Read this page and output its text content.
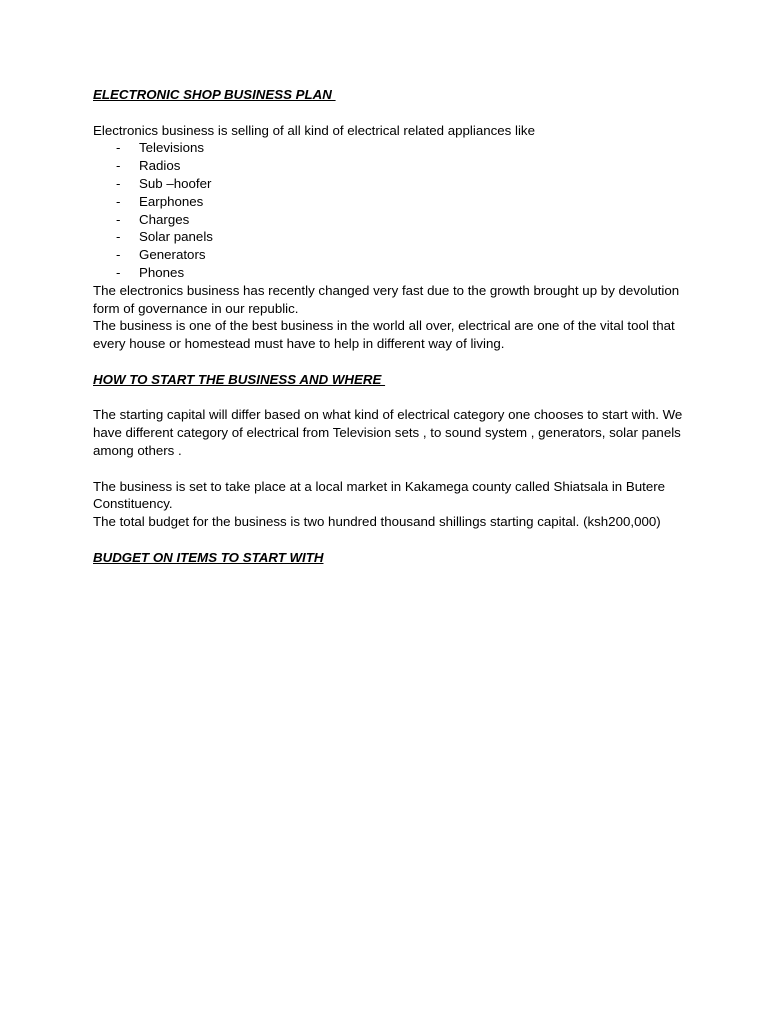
ELECTRONIC SHOP BUSINESS PLAN

Electronics business is selling of all kind of electrical related appliances like

-	Televisions
-	Radios
-	Sub –hoofer
-	Earphones
-	Charges
-	Solar panels
-	Generators
-	Phones

The electronics business has recently changed very fast due to the growth brought up by devolution form of governance in our republic.

The business is one of the best business in the world all over, electrical are one of the vital tool that every house or homestead must have to help in different way of living.

HOW TO START THE BUSINESS AND WHERE

The starting capital will differ based on what kind of electrical category one chooses to start with. We have different category of electrical from Television sets , to sound system , generators, solar panels among others .

The business is set to take place at a local market in Kakamega county called Shiatsala in Butere Constituency.

The total budget for the business is two hundred thousand shillings starting capital. (ksh200,000)

BUDGET ON ITEMS TO START WITH
